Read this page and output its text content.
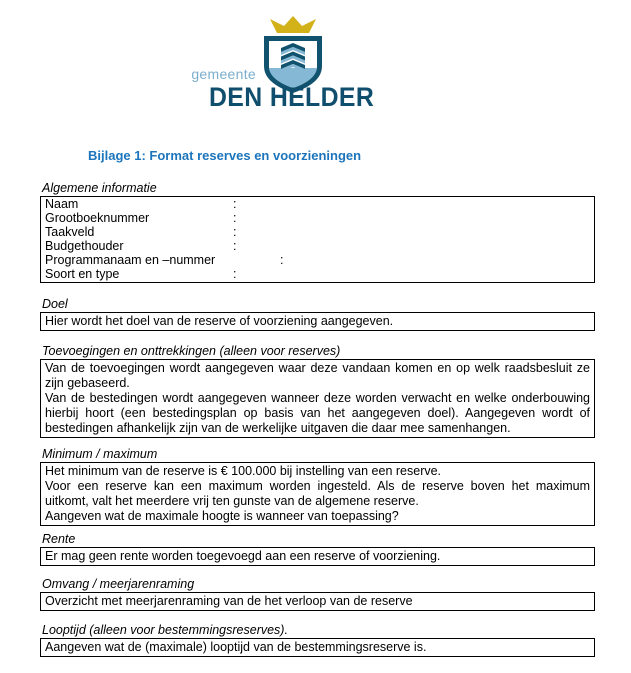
gemeente
DEN HELDER
Bijlage 1: Format reserves en voorzieningen
Algemene informatie
Naam	:
Grootboeknummer	:
Taakveld	:
Budgethouder	:
Programmanaam en –nummer	:
Soort en type	:
Doel
Hier wordt het doel van de reserve of voorziening aangegeven.
Toevoegingen en onttrekkingen (alleen voor reserves)
Van de toevoegingen wordt aangegeven waar deze vandaan komen en op welk raadsbesluit ze zijn gebaseerd.
Van de bestedingen wordt aangegeven wanneer deze worden verwacht en welke onderbouwing hierbij hoort (een bestedingsplan op basis van het aangegeven doel). Aangegeven wordt of bestedingen afhankelijk zijn van de werkelijke uitgaven die daar mee samenhangen.
Minimum / maximum
Het minimum van de reserve is € 100.000 bij instelling van een reserve.
Voor een reserve kan een maximum worden ingesteld. Als de reserve boven het maximum uitkomt, valt het meerdere vrij ten gunste van de algemene reserve.
Aangeven wat de maximale hoogte is wanneer van toepassing?
Rente
Er mag geen rente worden toegevoegd aan een reserve of voorziening.
Omvang / meerjarenraming
Overzicht met meerjarenraming van de het verloop van de reserve
Looptijd (alleen voor bestemmingsreserves).
Aangeven wat de (maximale) looptijd van de bestemmingsreserve is.
